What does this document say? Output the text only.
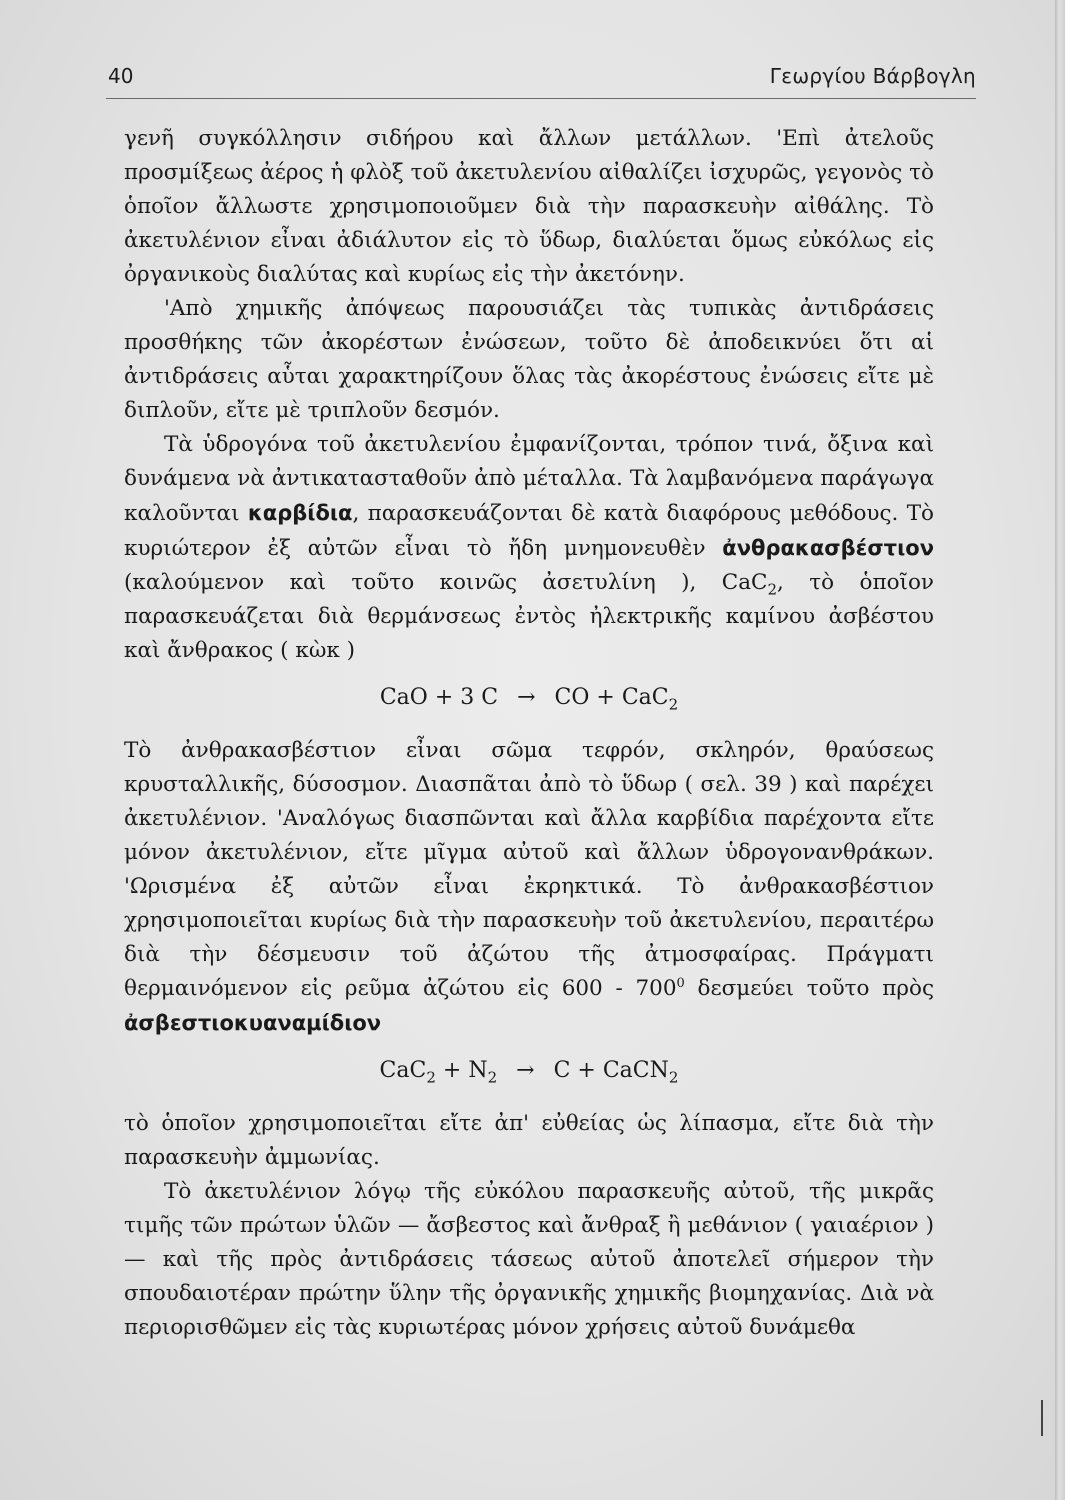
40	Γεωργίου Βάρβογλη

γενῆ συγκόλλησιν σιδήρου καὶ ἄλλων μετάλλων. 'Επὶ ἀτελοῦς προσμίξεως ἀέρος ἡ φλὸξ τοῦ ἀκετυλενίου αἰθαλίζει ἰσχυρῶς, γεγονὸς τὸ ὁποῖον ἄλλωστε χρησιμοποιοῦμεν διὰ τὴν παρασκευὴν αἰθάλης. Τὸ ἀκετυλένιον εἶναι ἀδιάλυτον εἰς τὸ ὕδωρ, διαλύεται ὅμως εὐκόλως εἰς ὀργανικοὺς διαλύτας καὶ κυρίως εἰς τὴν ἀκετόνην.

'Απὸ χημικῆς ἀπόψεως παρουσιάζει τὰς τυπικὰς ἀντιδράσεις προσθήκης τῶν ἀκορέστων ἐνώσεων, τοῦτο δὲ ἀποδεικνύει ὅτι αἱ ἀντιδράσεις αὗται χαρακτηρίζουν ὅλας τὰς ἀκορέστους ἐνώσεις εἴτε μὲ διπλοῦν, εἴτε μὲ τριπλοῦν δεσμόν.

Τὰ ὑδρογόνα τοῦ ἀκετυλενίου ἐμφανίζονται, τρόπον τινά, ὄξινα καὶ δυνάμενα νὰ ἀντικατασταθοῦν ἀπὸ μέταλλα. Τὰ λαμβανόμενα παράγωγα καλοῦνται καρβίδια, παρασκευάζονται δὲ κατὰ διαφόρους μεθόδους. Τὸ κυριώτερον ἐξ αὐτῶν εἶναι τὸ ἤδη μνημονευθὲν ἀνθρακασβέστιον (καλούμενον καὶ τοῦτο κοινῶς ἀσετυλίνη ), CaC$_2$, τὸ ὁποῖον παρασκευάζεται διὰ θερμάνσεως ἐντὸς ἠλεκτρικῆς καμίνου ἀσβέστου καὶ ἄνθρακος ( κὼκ )

CaO + 3 C → CO + CaC$_2$

Τὸ ἀνθρακασβέστιον εἶναι σῶμα τεφρόν, σκληρόν, θραύσεως κρυσταλλικῆς, δύσοσμον. Διασπᾶται ἀπὸ τὸ ὕδωρ ( σελ. 39 ) καὶ παρέχει ἀκετυλένιον. 'Αναλόγως διασπῶνται καὶ ἄλλα καρβίδια παρέχοντα εἴτε μόνον ἀκετυλένιον, εἴτε μῖγμα αὐτοῦ καὶ ἄλλων ὑδρογονανθράκων. 'Ωρισμένα ἐξ αὐτῶν εἶναι ἐκρηκτικά. Τὸ ἀνθρακασβέστιον χρησιμοποιεῖται κυρίως διὰ τὴν παρασκευὴν τοῦ ἀκετυλενίου, περαιτέρω διὰ τὴν δέσμευσιν τοῦ ἀζώτου τῆς ἀτμοσφαίρας. Πράγματι θερμαινόμενον εἰς ρεῦμα ἀζώτου εἰς $600 - 700^0$ δεσμεύει τοῦτο πρὸς ἀσβεστιοκυαναμίδιον

$CaC_2 + N_2 \to C$ + CaCN$_2$

τὸ ὁποῖον χρησιμοποιεῖται εἴτε ἀπ' εὐθείας ὡς λίπασμα, εἴτε διὰ τὴν παρασκευὴν ἀμμωνίας.

Τὸ ἀκετυλένιον λόγῳ τῆς εὐκόλου παρασκευῆς αὐτοῦ, τῆς μικρᾶς τιμῆς τῶν πρώτων ὑλῶν — ἄσβεστος καὶ ἄνθραξ ἢ μεθάνιον ( γαιαέριον ) — καὶ τῆς πρὸς ἀντιδράσεις τάσεως αὐτοῦ ἀποτελεῖ σήμερον τὴν σπουδαιοτέραν πρώτην ὕλην τῆς ὀργανικῆς χημικῆς βιομηχανίας. Διὰ νὰ περιορισθῶμεν εἰς τὰς κυριωτέρας μόνον χρήσεις αὐτοῦ δυνάμεθα
